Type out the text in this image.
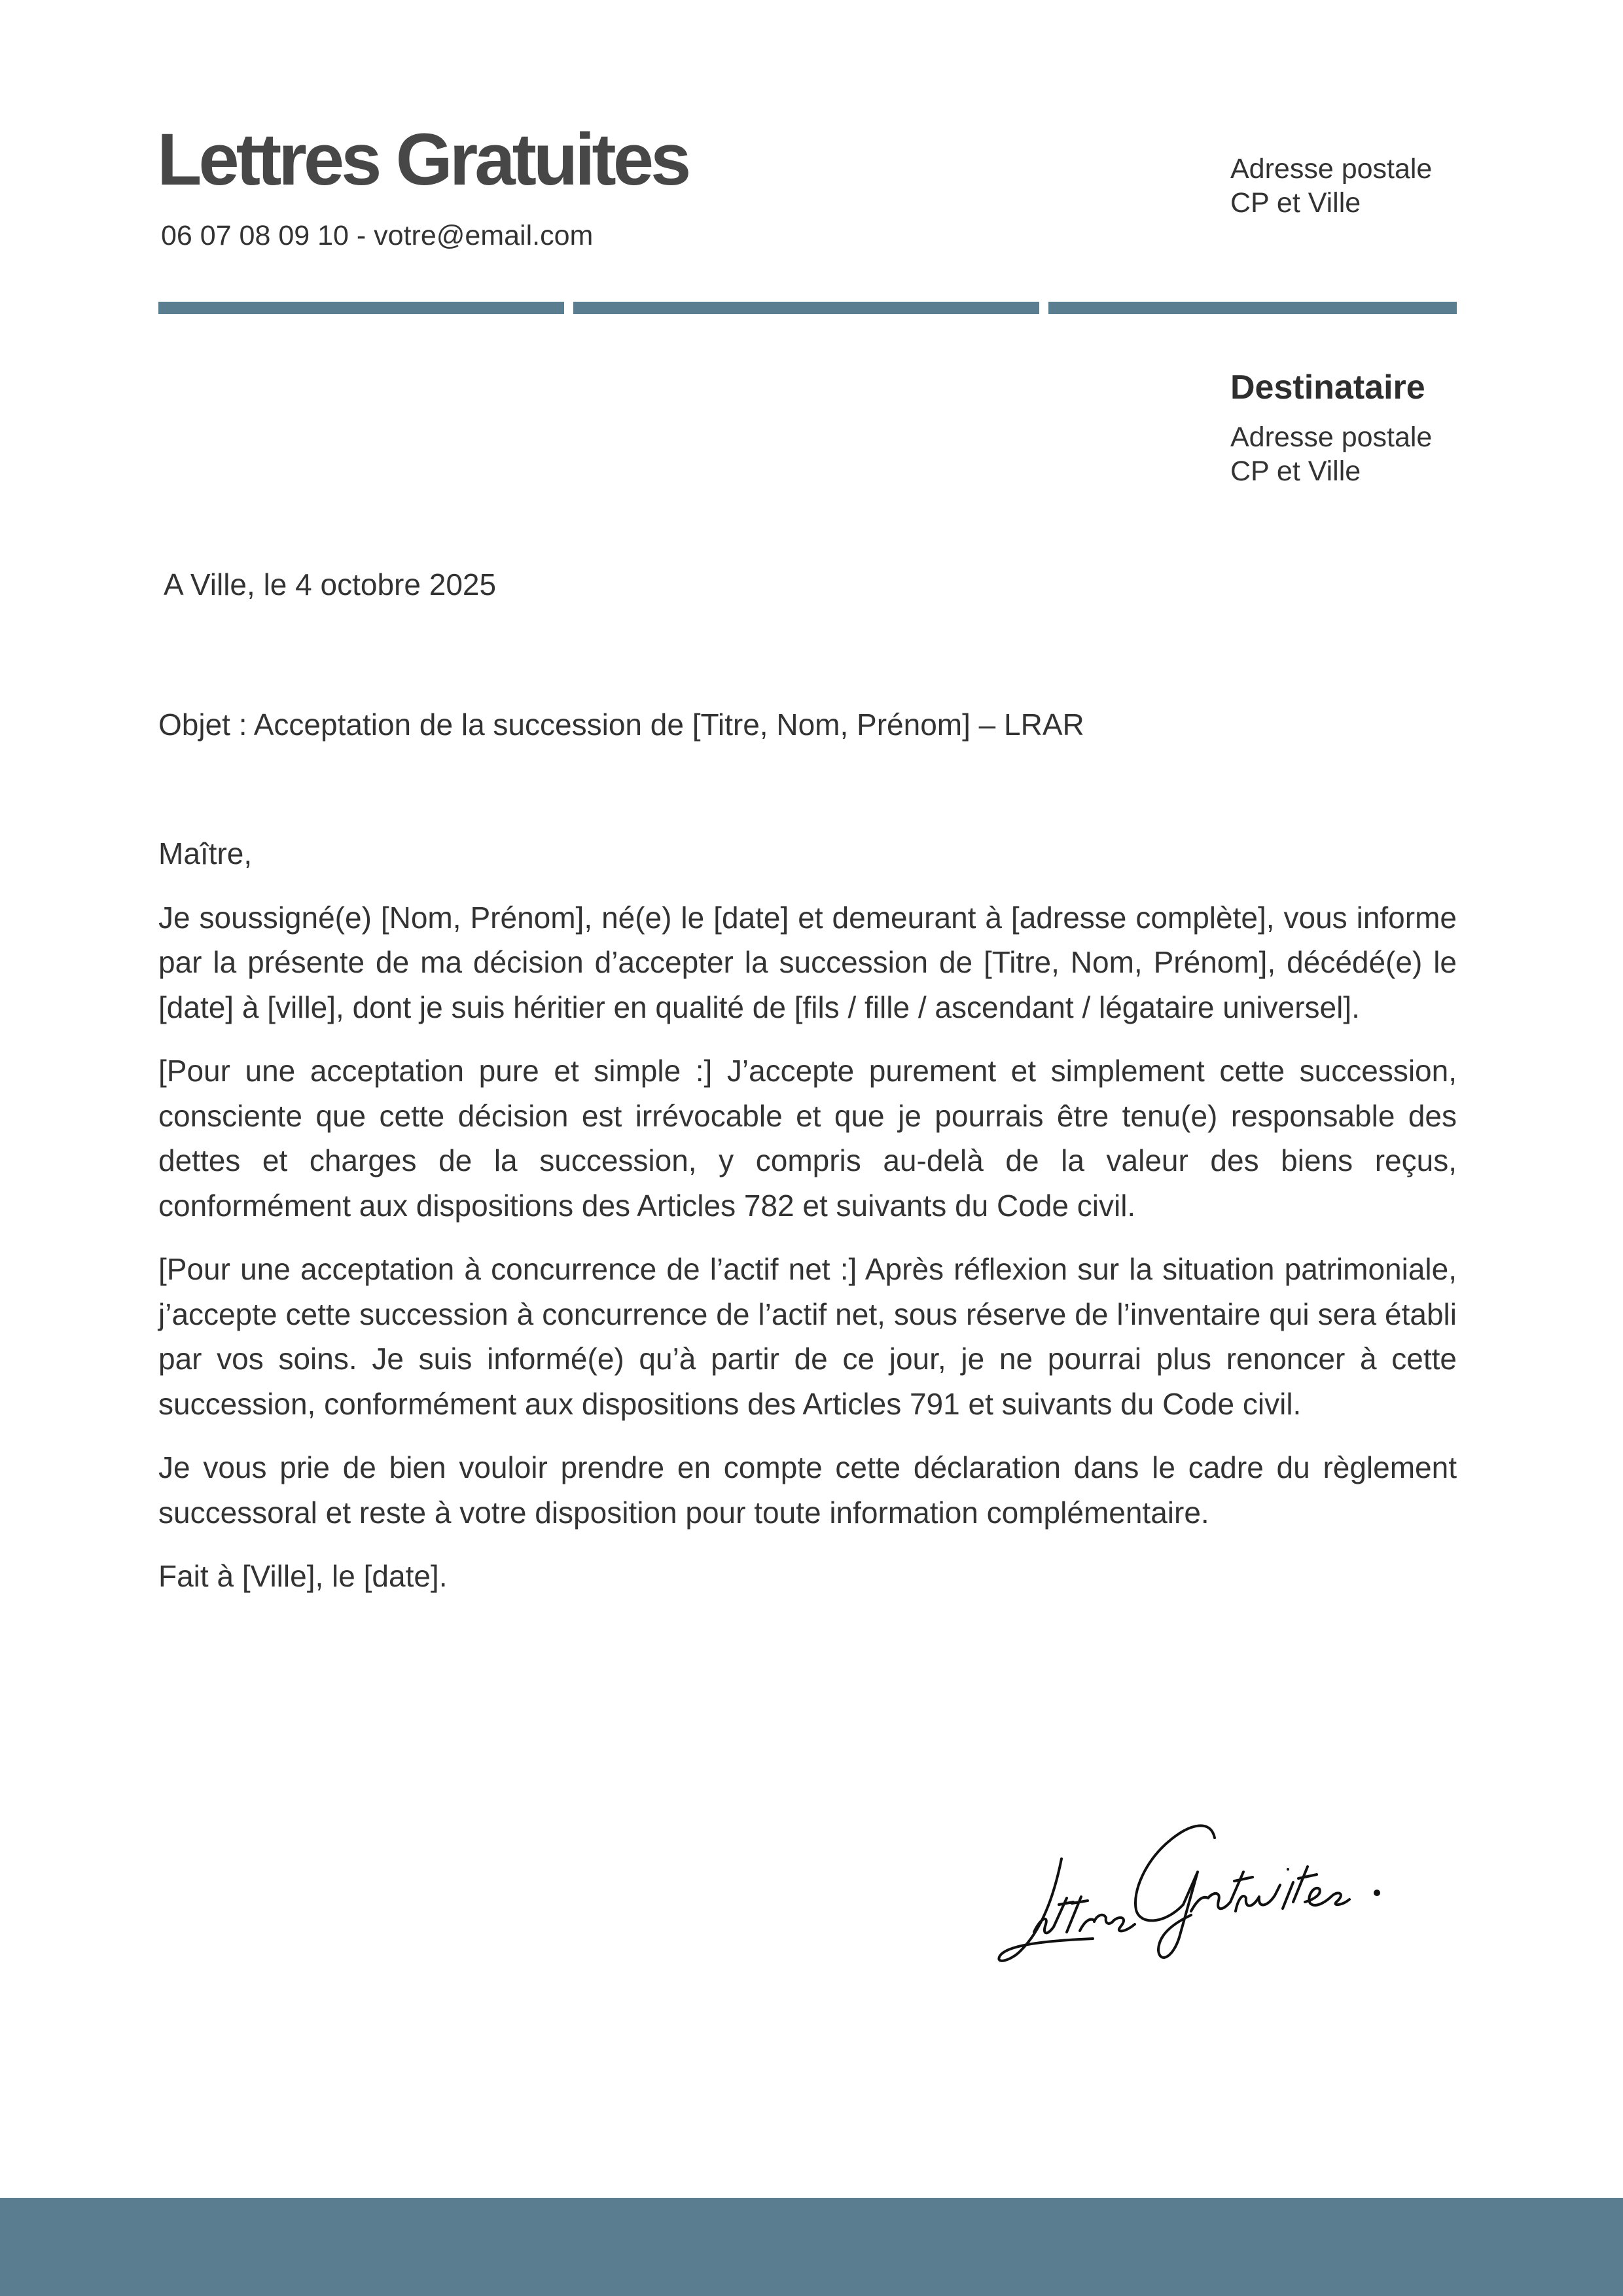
Lettres Gratuites
06 07 08 09 10 - votre@email.com
Adresse postale
CP et Ville
Destinataire
Adresse postale
CP et Ville
A Ville, le 4 octobre 2025
Objet : Acceptation de la succession de [Titre, Nom, Prénom] – LRAR

Maître,

Je soussigné(e) [Nom, Prénom], né(e) le [date] et demeurant à [adresse complète], vous informe par la présente de ma décision d’accepter la succession de [Titre, Nom, Prénom], décédé(e) le [date] à [ville], dont je suis héritier en qualité de [fils / fille / ascendant / légataire universel].

[Pour une acceptation pure et simple :] J’accepte purement et simplement cette succession, consciente que cette décision est irrévocable et que je pourrais être tenu(e) responsable des dettes et charges de la succession, y compris au-delà de la valeur des biens reçus, conformément aux dispositions des Articles 782 et suivants du Code civil.

[Pour une acceptation à concurrence de l’actif net :] Après réflexion sur la situation patrimoniale, j’accepte cette succession à concurrence de l’actif net, sous réserve de l’inventaire qui sera établi par vos soins. Je suis informé(e) qu’à partir de ce jour, je ne pourrai plus renoncer à cette succession, conformément aux dispositions des Articles 791 et suivants du Code civil.

Je vous prie de bien vouloir prendre en compte cette déclaration dans le cadre du règlement successoral et reste à votre disposition pour toute information complémentaire.

Fait à [Ville], le [date].
